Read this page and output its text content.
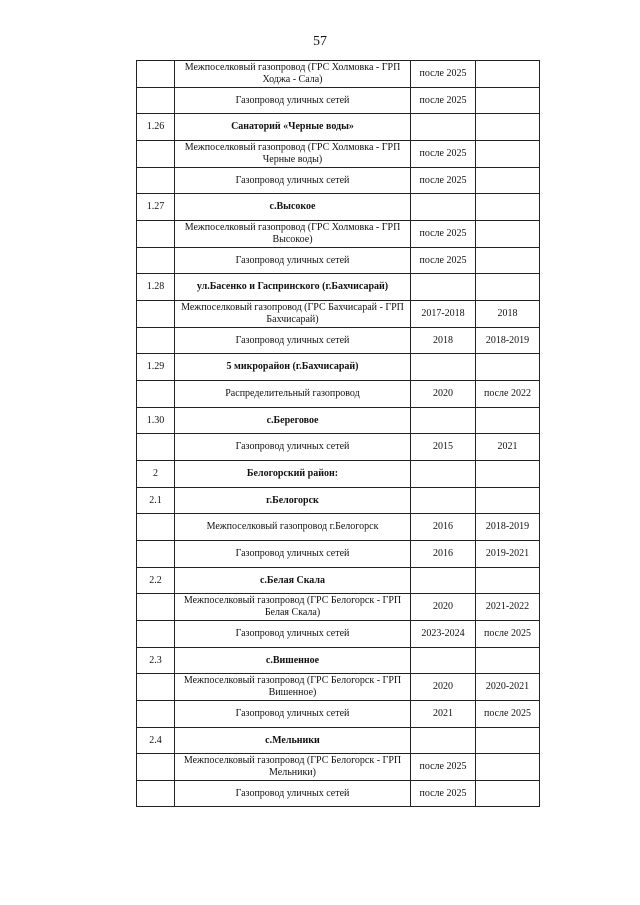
57
	Межпоселковый газопровод (ГРС Холмовка - ГРП Ходжа - Сала)	после 2025	
	Газопровод уличных сетей	после 2025	
1.26	Санаторий «Черные воды»		
	Межпоселковый газопровод (ГРС Холмовка - ГРП Черные воды)	после 2025	
	Газопровод уличных сетей	после 2025	
1.27	с.Высокое		
	Межпоселковый газопровод (ГРС Холмовка - ГРП Высокое)	после 2025	
	Газопровод уличных сетей	после 2025	
1.28	ул.Басенко и Гаспринского (г.Бахчисарай)		
	Межпоселковый газопровод (ГРС Бахчисарай - ГРП Бахчисарай)	2017-2018	2018
	Газопровод уличных сетей	2018	2018-2019
1.29	5 микрорайон (г.Бахчисарай)		
	Распределительный газопровод	2020	после 2022
1.30	с.Береговое		
	Газопровод уличных сетей	2015	2021
2	Белогорский район:		
2.1	г.Белогорск		
	Межпоселковый газопровод г.Белогорск	2016	2018-2019
	Газопровод уличных сетей	2016	2019-2021
2.2	с.Белая Скала		
	Межпоселковый газопровод (ГРС Белогорск - ГРП Белая Скала)	2020	2021-2022
	Газопровод уличных сетей	2023-2024	после 2025
2.3	с.Вишенное		
	Межпоселковый газопровод (ГРС Белогорск - ГРП Вишенное)	2020	2020-2021
	Газопровод уличных сетей	2021	после 2025
2.4	с.Мельники		
	Межпоселковый газопровод (ГРС Белогорск - ГРП Мельники)	после 2025	
	Газопровод уличных сетей	после 2025	
